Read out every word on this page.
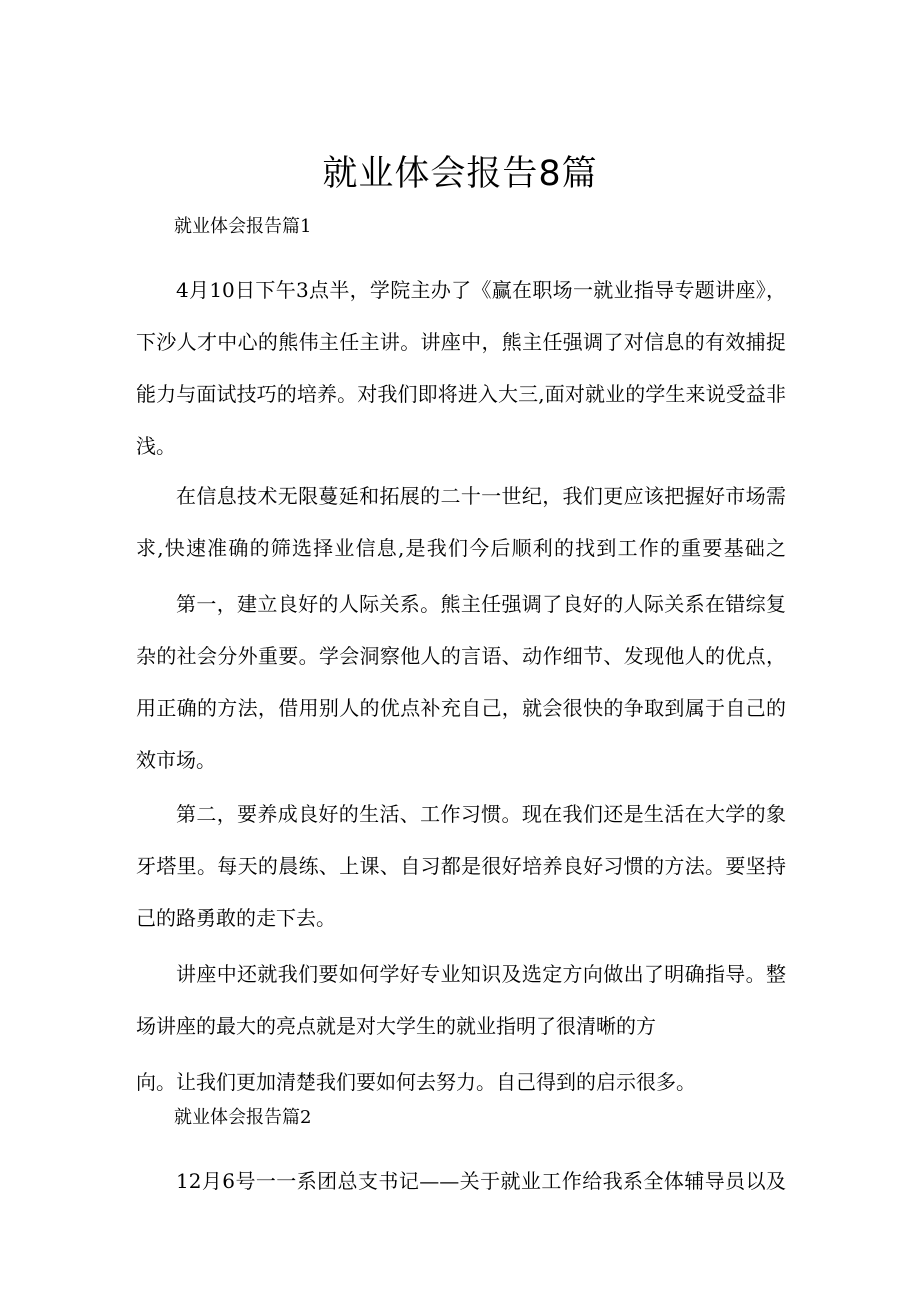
就业体会报告8篇
就业体会报告篇1
4月10日下午3点半，学院主办了《赢在职场一就业指导专题讲座》，
下沙人才中心的熊伟主任主讲。讲座中，熊主任强调了对信息的有效捕捉
能力与面试技巧的培养。对我们即将进入大三,面对就业的学生来说受益非
浅。
在信息技术无限蔓延和拓展的二十一世纪，我们更应该把握好市场需
求,快速准确的筛选择业信息,是我们今后顺利的找到工作的重要基础之
第一，建立良好的人际关系。熊主任强调了良好的人际关系在错综复
杂的社会分外重要。学会洞察他人的言语、动作细节、发现他人的优点，
用正确的方法，借用别人的优点补充自己，就会很快的争取到属于自己的
效市场。
第二，要养成良好的生活、工作习惯。现在我们还是生活在大学的象
牙塔里。每天的晨练、上课、自习都是很好培养良好习惯的方法。要坚持
己的路勇敢的走下去。
讲座中还就我们要如何学好专业知识及选定方向做出了明确指导。整
场讲座的最大的亮点就是对大学生的就业指明了很清晰的方
向。让我们更加清楚我们要如何去努力。自己得到的启示很多。
就业体会报告篇2
12月6号一一系团总支书记——关于就业工作给我系全体辅导员以及
